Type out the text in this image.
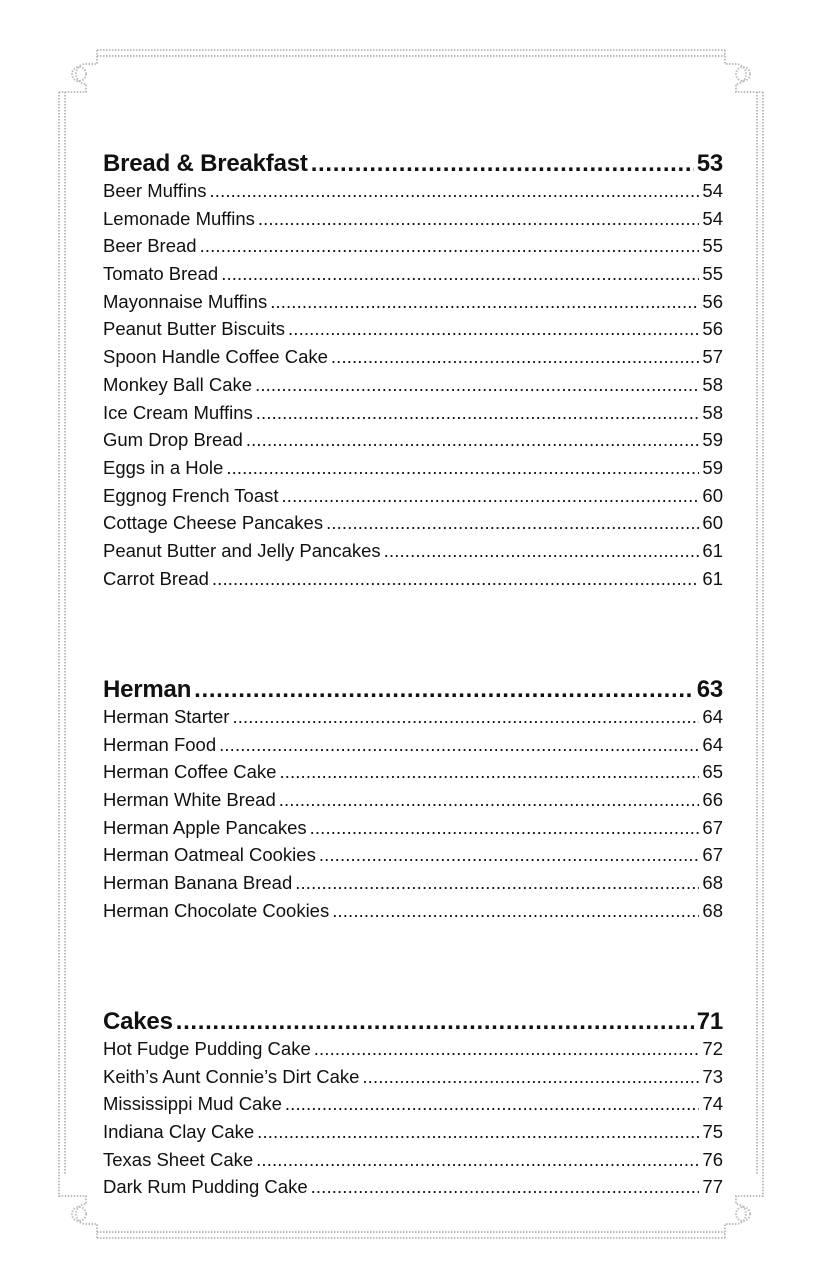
Bread & Breakfast . . .	53
Beer Muffins . . .	54
Lemonade Muffins . . .	54
Beer Bread . . .	55
Tomato Bread . . .	55
Mayonnaise Muffins . . .	56
Peanut Butter Biscuits . . .	56
Spoon Handle Coffee Cake . . .	57
Monkey Ball Cake . . .	58
Ice Cream Muffins . . .	58
Gum Drop Bread . . .	59
Eggs in a Hole . . .	59
Eggnog French Toast . . .	60
Cottage Cheese Pancakes . . .	60
Peanut Butter and Jelly Pancakes . . .	61
Carrot Bread . . .	61
Herman . . .	63
Herman Starter . . .	64
Herman Food . . .	64
Herman Coffee Cake . . .	65
Herman White Bread . . .	66
Herman Apple Pancakes . . .	67
Herman Oatmeal Cookies . . .	67
Herman Banana Bread . . .	68
Herman Chocolate Cookies . . .	68
Cakes . . .	71
Hot Fudge Pudding Cake . . .	72
Keith’s Aunt Connie’s Dirt Cake . . .	73
Mississippi Mud Cake . . .	74
Indiana Clay Cake . . .	75
Texas Sheet Cake . . .	76
Dark Rum Pudding Cake . . .	77
